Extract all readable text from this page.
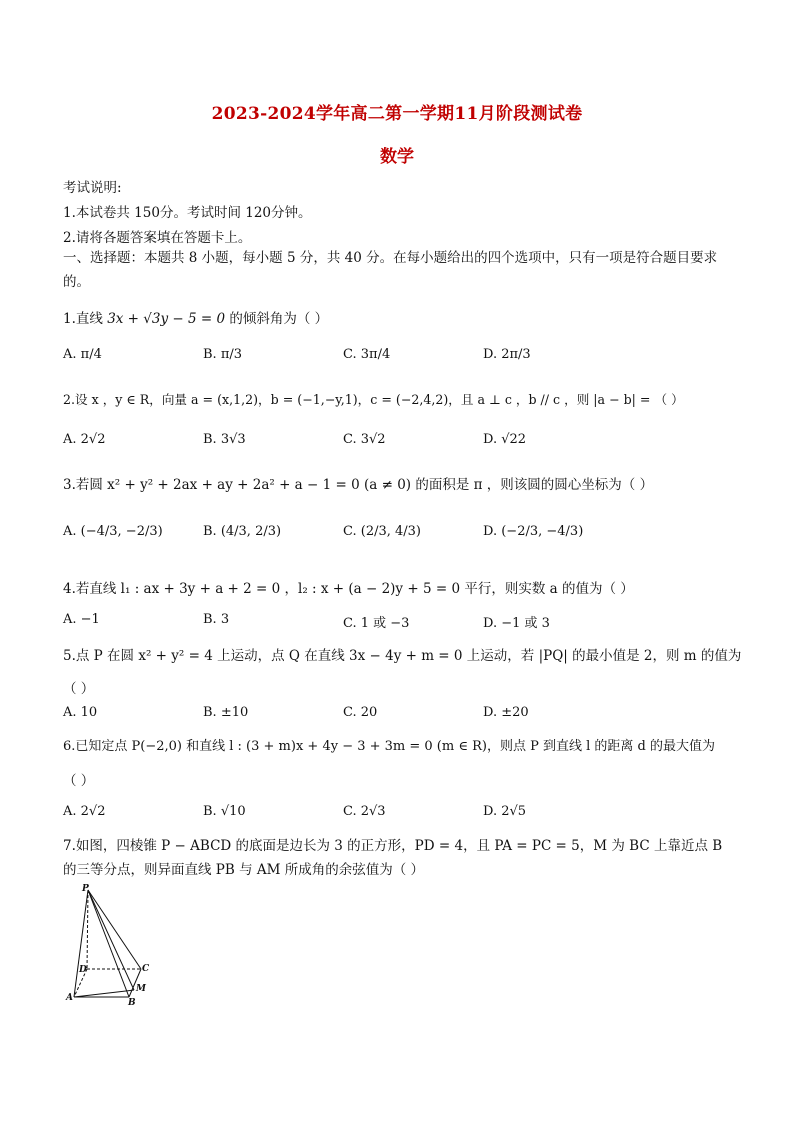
2023-2024学年高二第一学期11月阶段测试卷
数学
考试说明:
1.本试卷共 150分。考试时间 120分钟。
2.请将各题答案填在答题卡上。
一、选择题：本题共 8 小题，每小题 5 分，共 40 分。在每小题给出的四个选项中，只有一项是符合题目要求的。
1.直线 3x + √3y − 5 = 0 的倾斜角为（ ）
A. π/4	B. π/3	C. 3π/4	D. 2π/3
2.设 x ，y ∈ R，向量 a = (x,1,2)，b = (−1,−y,1)，c = (−2,4,2)，且 a ⊥ c ，b // c ，则 |a − b| = （ ）
A. 2√2	B. 3√3	C. 3√2	D. √22
3.若圆 x² + y² + 2ax + ay + 2a² + a − 1 = 0 (a ≠ 0) 的面积是 π ，则该圆的圆心坐标为（ ）
A. (−4/3, −2/3)	B. (4/3, 2/3)	C. (2/3, 4/3)	D. (−2/3, −4/3)
4.若直线 l₁ : ax + 3y + a + 2 = 0 ，l₂ : x + (a − 2)y + 5 = 0 平行，则实数 a 的值为（ ）
A. −1	B. 3	C. 1 或 −3	D. −1 或 3
5.点 P 在圆 x² + y² = 4 上运动，点 Q 在直线 3x − 4y + m = 0 上运动，若 |PQ| 的最小值是 2，则 m 的值为
（ ）
A. 10	B. ±10	C. 20	D. ±20
6.已知定点 P(−2,0) 和直线 l : (3 + m)x + 4y − 3 + 3m = 0 (m ∈ R)，则点 P 到直线 l 的距离 d 的最大值为
（ ）
A. 2√2	B. √10	C. 2√3	D. 2√5
7.如图，四棱锥 P − ABCD 的底面是边长为 3 的正方形，PD = 4，且 PA = PC = 5，M 为 BC 上靠近点 B 的三等分点，则异面直线 PB 与 AM 所成角的余弦值为（ ）
P
D	C
A	B
M
